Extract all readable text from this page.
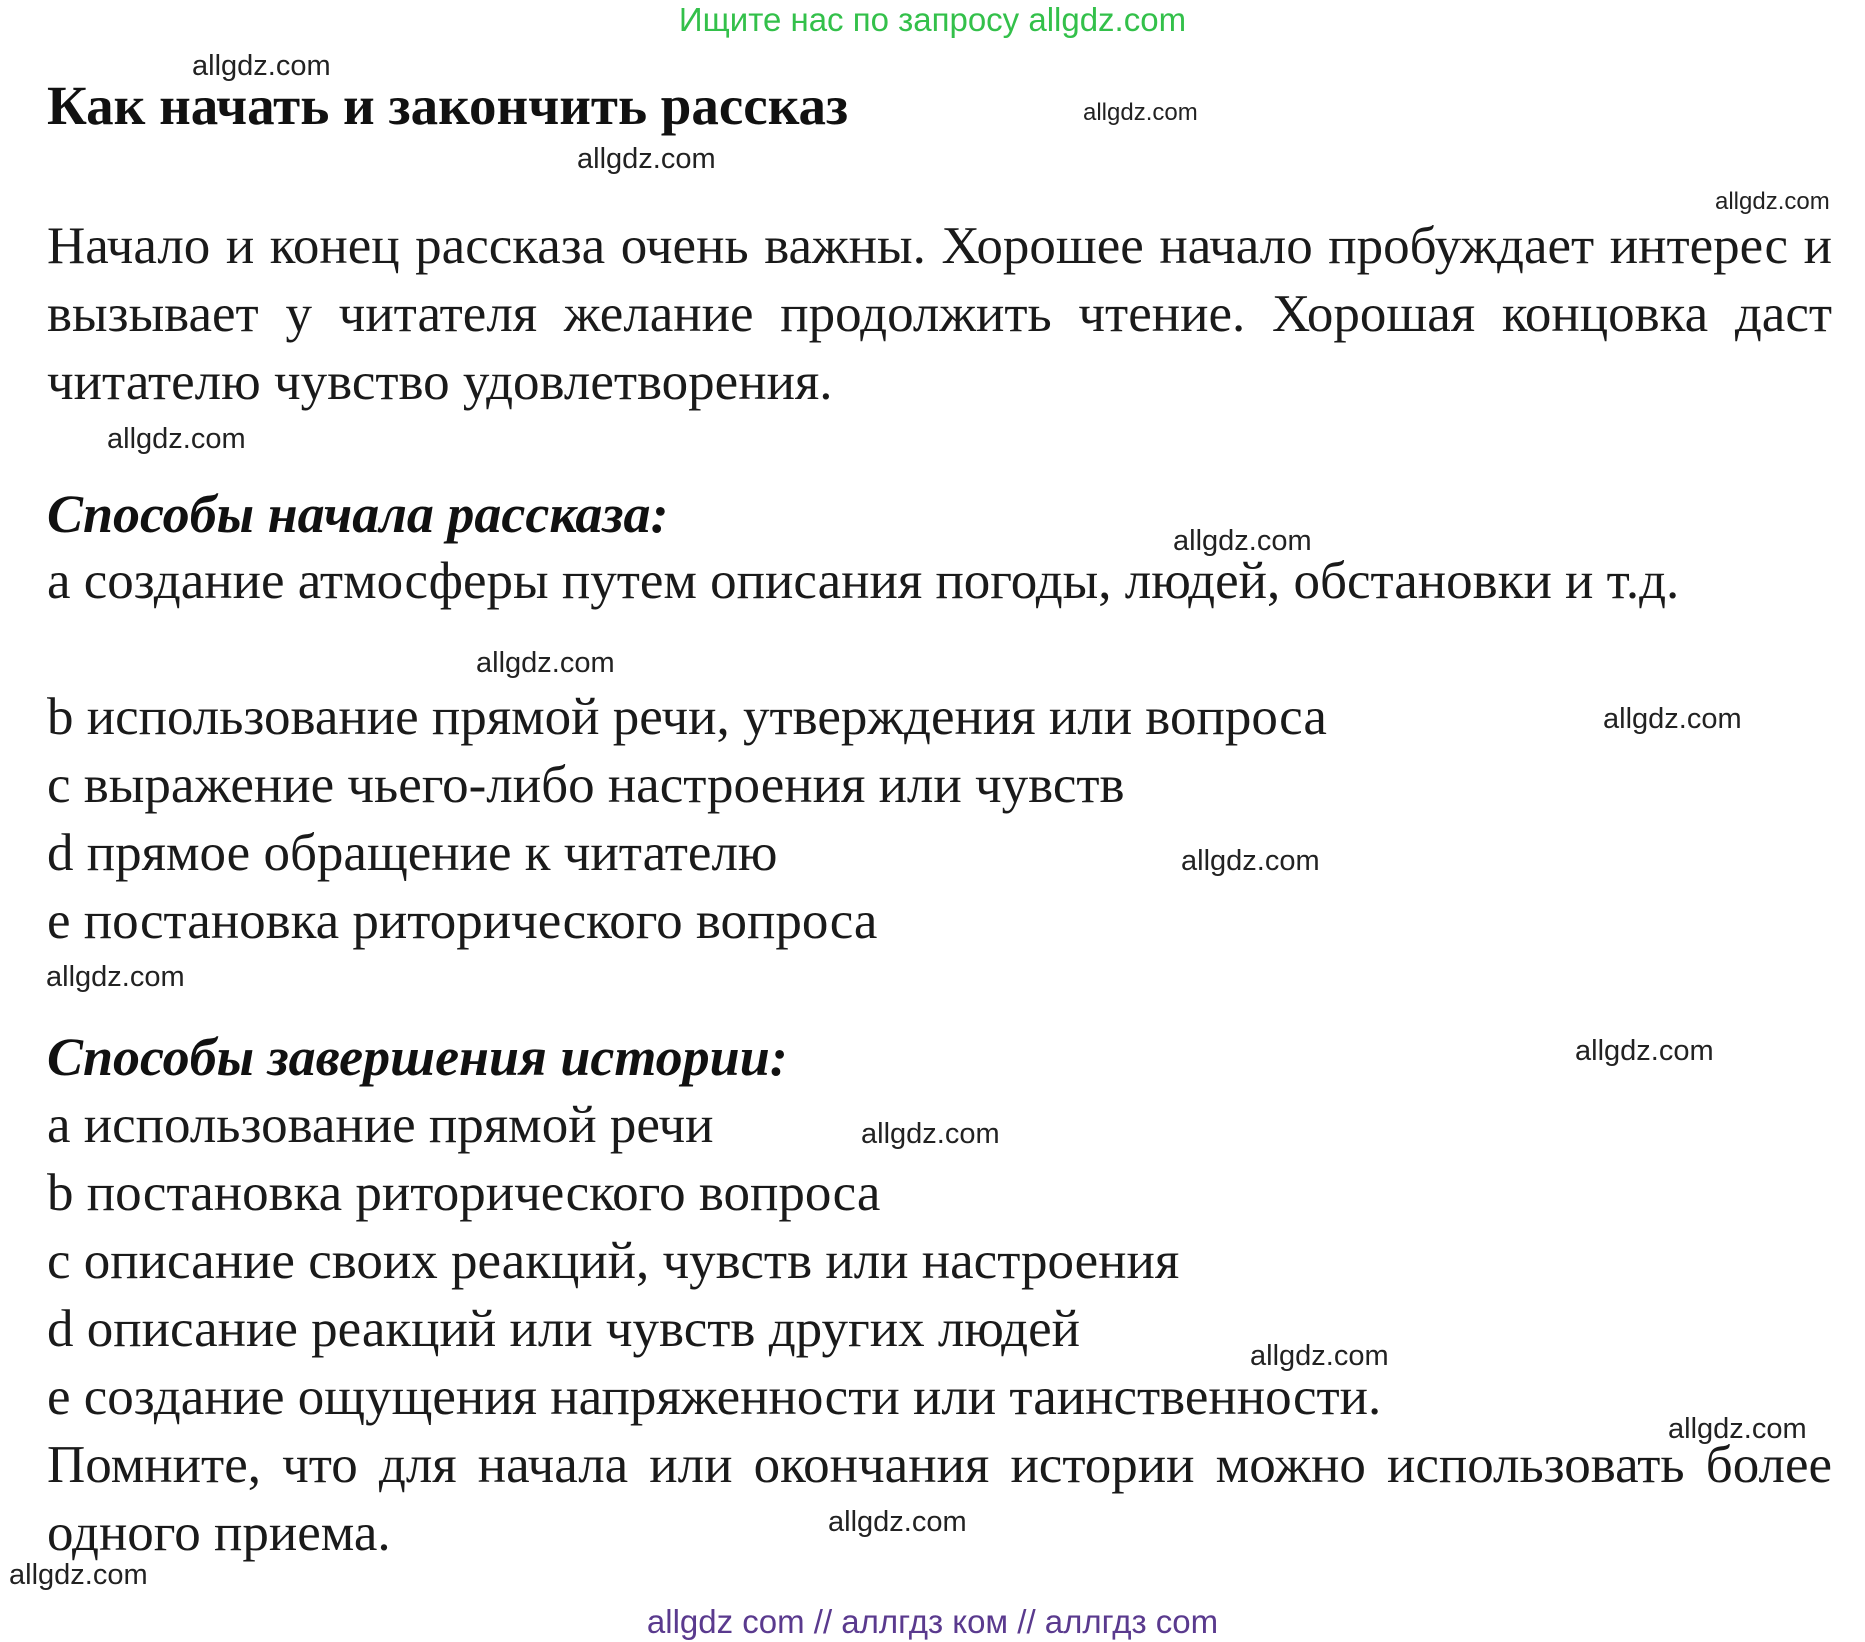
Ищите нас по запросу allgdz.com
Как начать и закончить рассказ

Начало и конец рассказа очень важны. Хорошее начало пробуждает интерес и вызывает у читателя желание продолжить чтение. Хорошая концовка даст читателю чувство удовлетворения.

Способы начала рассказа:

a создание атмосферы путем описания погоды, людей, обстановки и т.д.

b использование прямой речи, утверждения или вопроса

c выражение чьего-либо настроения или чувств

d прямое обращение к читателю

e постановка риторического вопроса

Способы завершения истории:

a использование прямой речи

b постановка риторического вопроса

c описание своих реакций, чувств или настроения

d описание реакций или чувств других людей

e создание ощущения напряженности или таинственности.

Помните, что для начала или окончания истории можно использовать более одного приема.

allgdz.com
allgdz.com
allgdz.com
allgdz.com
allgdz.com
allgdz.com
allgdz.com
allgdz.com
allgdz.com
allgdz.com
allgdz.com
allgdz.com
allgdz.com
allgdz.com
allgdz.com
allgdz.com
allgdz com // аллгдз ком // аллгдз com
